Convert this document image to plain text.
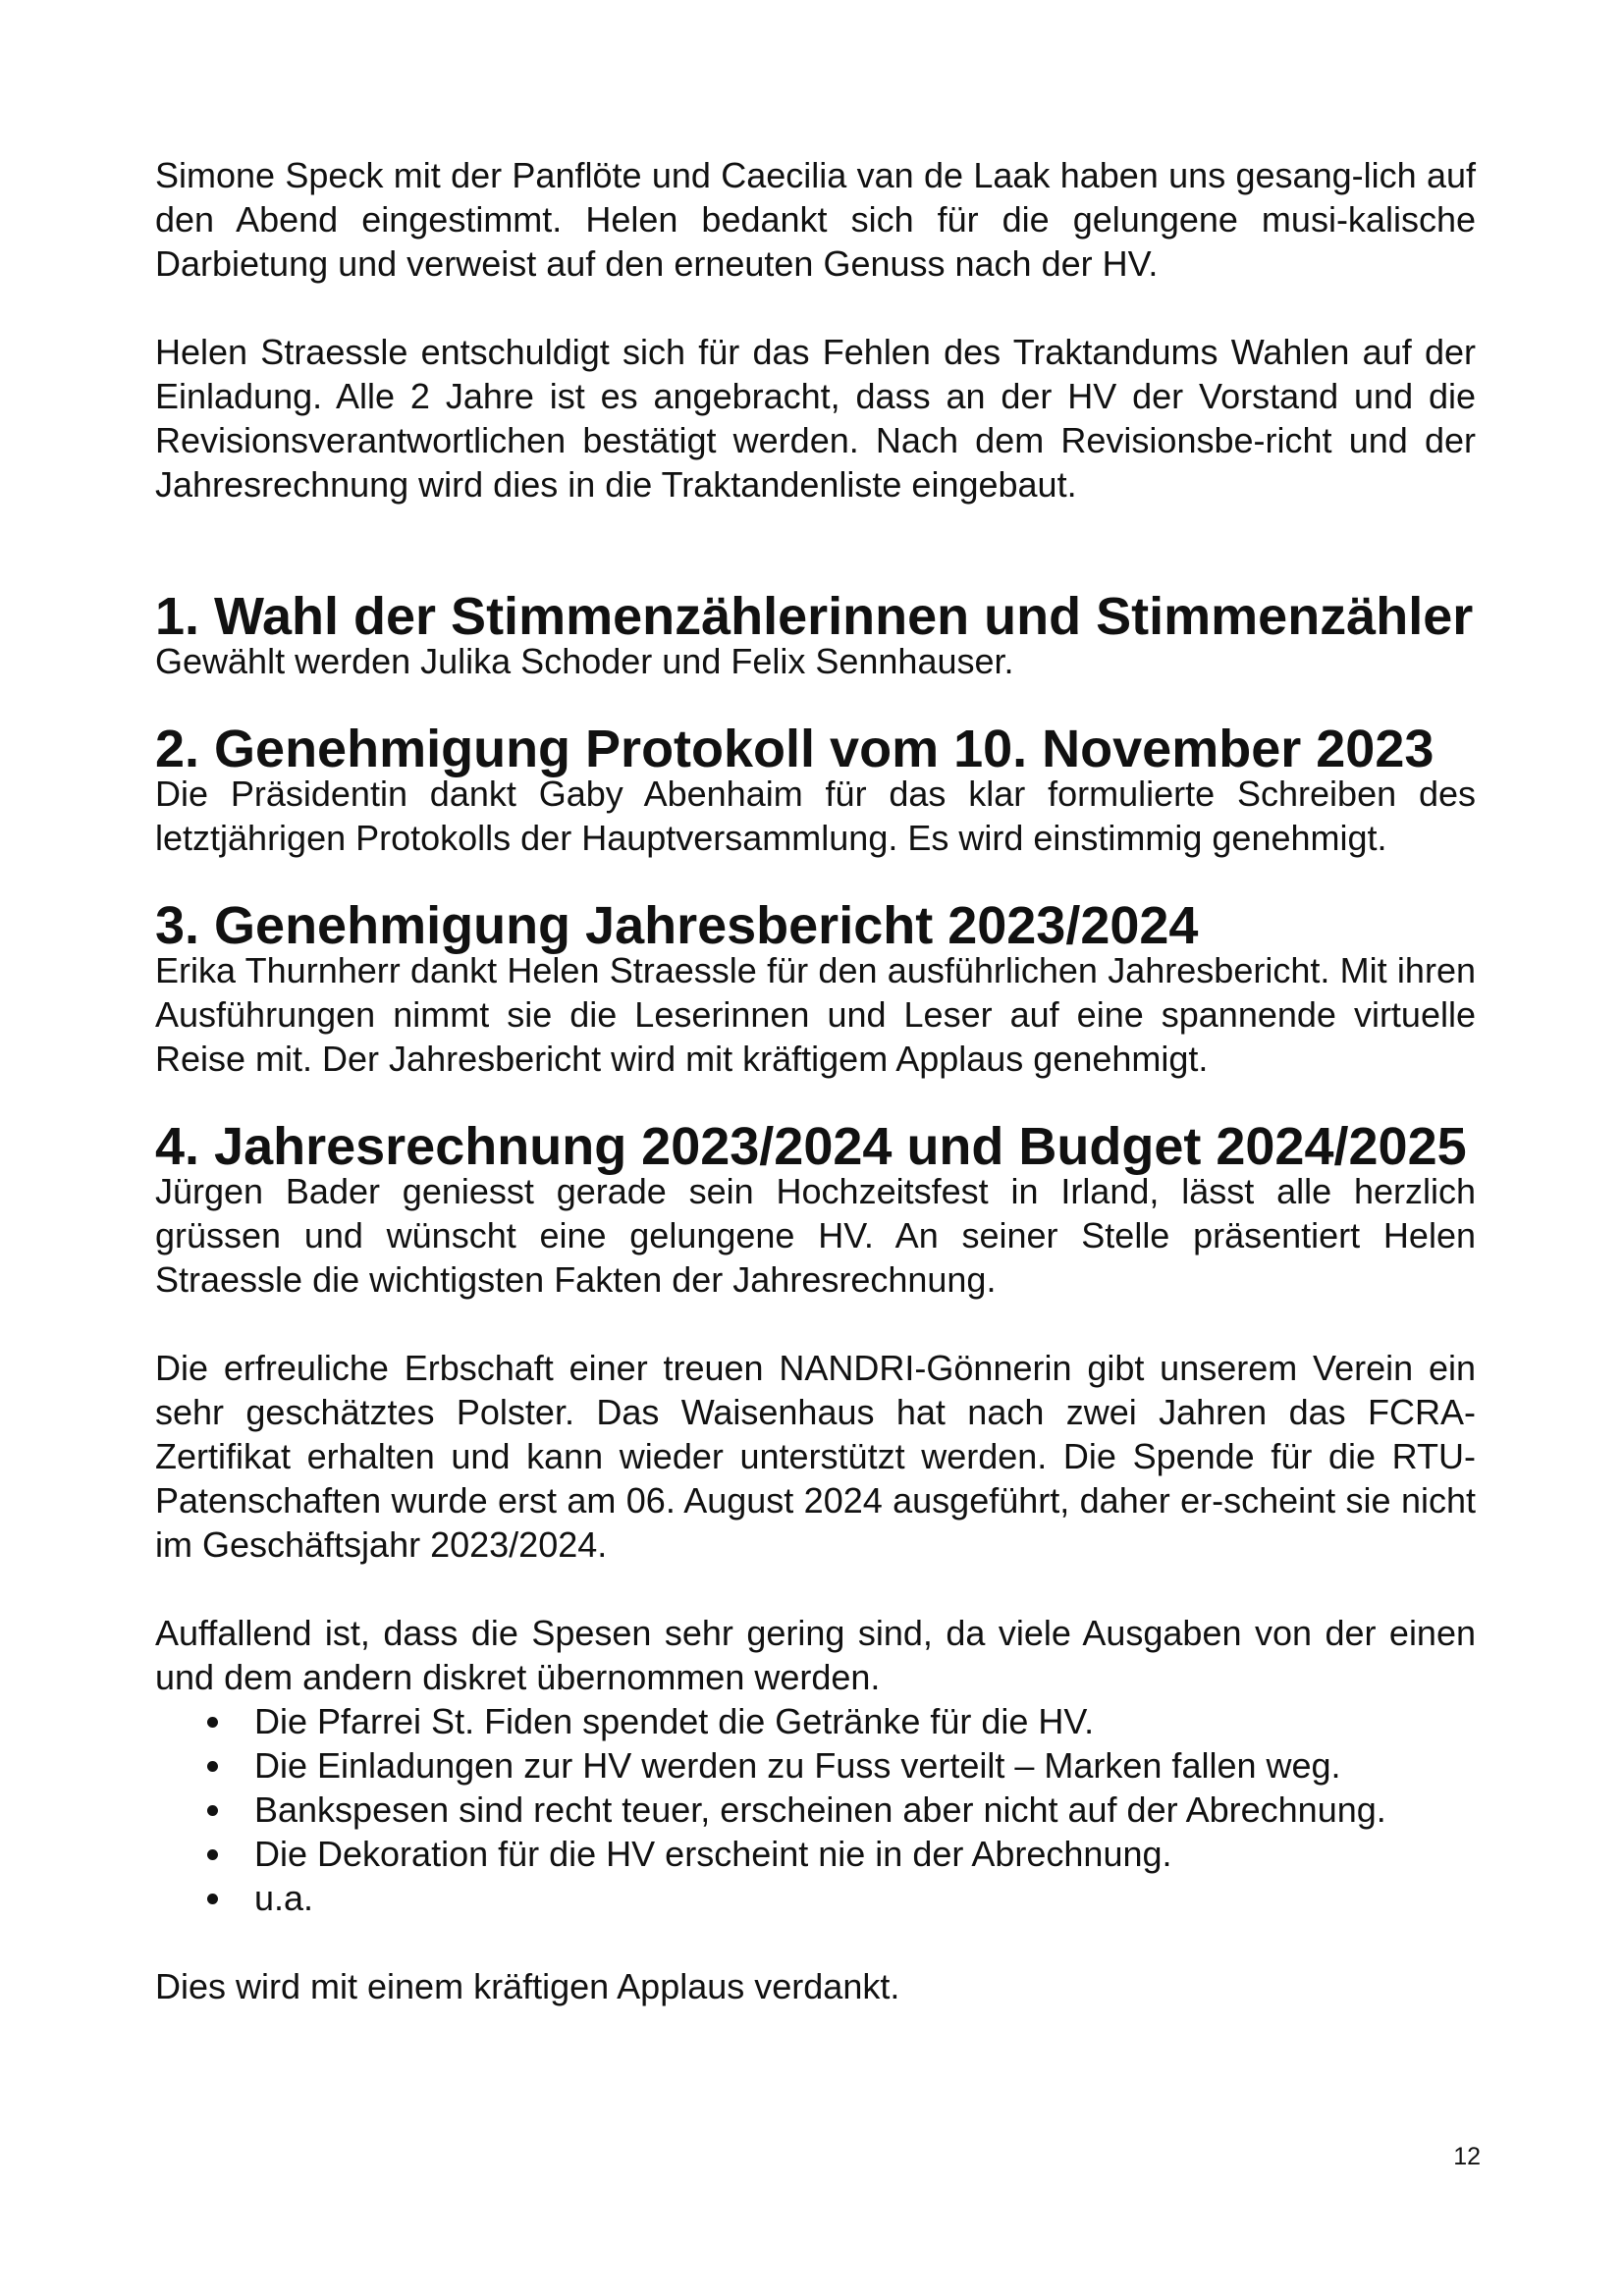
Simone Speck mit der Panflöte und Caecilia van de Laak haben uns gesang-lich auf den Abend eingestimmt. Helen bedankt sich für die gelungene musi-kalische Darbietung und verweist auf den erneuten Genuss nach der HV.

Helen Straessle entschuldigt sich für das Fehlen des Traktandums Wahlen auf der Einladung. Alle 2 Jahre ist es angebracht, dass an der HV der Vorstand und die Revisionsverantwortlichen bestätigt werden. Nach dem Revisionsbe-richt und der Jahresrechnung wird dies in die Traktandenliste eingebaut.

1. Wahl der Stimmenzählerinnen und Stimmenzähler

Gewählt werden Julika Schoder und Felix Sennhauser.

2. Genehmigung Protokoll vom 10. November 2023

Die Präsidentin dankt Gaby Abenhaim für das klar formulierte Schreiben des letztjährigen Protokolls der Hauptversammlung. Es wird einstimmig genehmigt.

3. Genehmigung Jahresbericht 2023/2024

Erika Thurnherr dankt Helen Straessle für den ausführlichen Jahresbericht. Mit ihren Ausführungen nimmt sie die Leserinnen und Leser auf eine spannende virtuelle Reise mit. Der Jahresbericht wird mit kräftigem Applaus genehmigt.

4. Jahresrechnung 2023/2024 und Budget 2024/2025

Jürgen Bader geniesst gerade sein Hochzeitsfest in Irland, lässt alle herzlich grüssen und wünscht eine gelungene HV. An seiner Stelle präsentiert Helen Straessle die wichtigsten Fakten der Jahresrechnung.

Die erfreuliche Erbschaft einer treuen NANDRI-Gönnerin gibt unserem Verein ein sehr geschätztes Polster. Das Waisenhaus hat nach zwei Jahren das FCRA-Zertifikat erhalten und kann wieder unterstützt werden. Die Spende für die RTU-Patenschaften wurde erst am 06. August 2024 ausgeführt, daher er-scheint sie nicht im Geschäftsjahr 2023/2024.

Auffallend ist, dass die Spesen sehr gering sind, da viele Ausgaben von der einen und dem andern diskret übernommen werden.

Die Pfarrei St. Fiden spendet die Getränke für die HV.
Die Einladungen zur HV werden zu Fuss verteilt – Marken fallen weg.
Bankspesen sind recht teuer, erscheinen aber nicht auf der Abrechnung.
Die Dekoration für die HV erscheint nie in der Abrechnung.
u.a.

Dies wird mit einem kräftigen Applaus verdankt.

12
